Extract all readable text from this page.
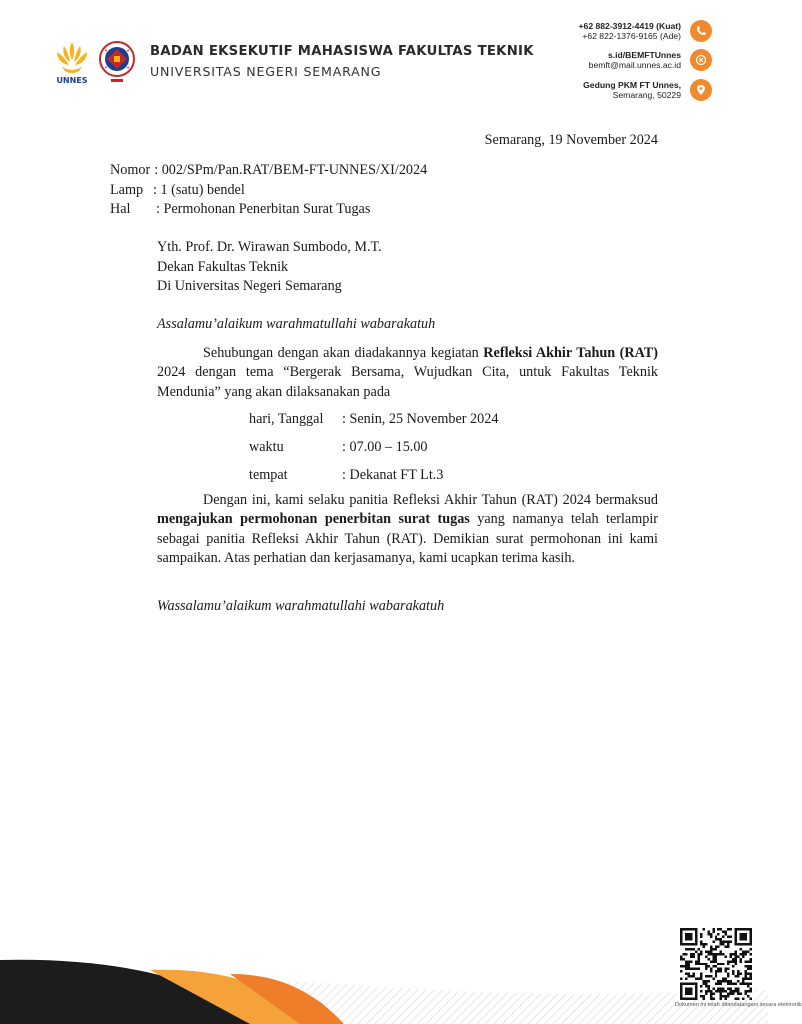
UNNES
BADAN EKSEKUTIF MAHASISWA FAKULTAS TEKNIK
UNIVERSITAS NEGERI SEMARANG
+62 882-3912-4419 (Kuat)
+62 822-1376-9165 (Ade)
s.id/BEMFTUnnes
bemft@mail.unnes.ac.id
Gedung PKM FT Unnes,
Semarang, 50229
Semarang, 19 November 2024
Nomor : 002/SPm/Pan.RAT/BEM-FT-UNNES/XI/2024
Lamp : 1 (satu) bendel
Hal	: Permohonan Penerbitan Surat Tugas
Yth. Prof. Dr. Wirawan Sumbodo, M.T.
Dekan Fakultas Teknik
Di Universitas Negeri Semarang
Assalamu’alaikum warahmatullahi wabarakatuh
Sehubungan dengan akan diadakannya kegiatan Refleksi Akhir Tahun (RAT) 2024 dengan tema “Bergerak Bersama, Wujudkan Cita, untuk Fakultas Teknik Mendunia” yang akan dilaksanakan pada
hari, Tanggal	: Senin, 25 November 2024
waktu	: 07.00 – 15.00
tempat	: Dekanat FT Lt.3
Dengan ini, kami selaku panitia Refleksi Akhir Tahun (RAT) 2024 bermaksud mengajukan permohonan penerbitan surat tugas yang namanya telah terlampir sebagai panitia Refleksi Akhir Tahun (RAT). Demikian surat permohonan ini kami sampaikan. Atas perhatian dan kerjasamanya, kami ucapkan terima kasih.
Wassalamu’alaikum warahmatullahi wabarakatuh
Dokumen ini telah ditandatangani secara elektronik
